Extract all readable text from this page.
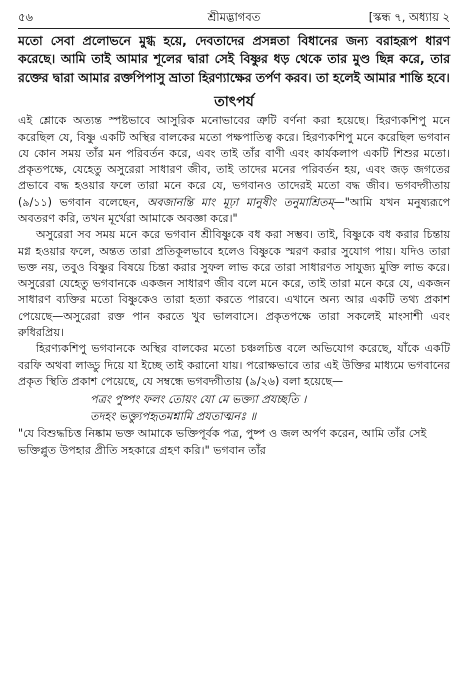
৫৬	শ্রীমদ্ভাগবত	[স্কন্ধ ৭, অধ্যায় ২

মতো সেবা প্রলোভনে মুগ্ধ হয়ে, দেবতাদের প্রসন্নতা বিধানের জন্য বরাহরূপ ধারণ করেছে। আমি তাই আমার শূলের দ্বারা সেই বিষ্ণুর ধড় থেকে তার মুণ্ড ছিন্ন করে, তার রক্তের দ্বারা আমার রক্তপিপাসু ভ্রাতা হিরণ্যাক্ষের তর্পণ করব। তা হলেই আমার শান্তি হবে।

তাৎপর্য

এই শ্লোকে অত্যন্ত স্পষ্টভাবে আসুরিক মনোভাবের ত্রুটি বর্ণনা করা হয়েছে। হিরণ্যকশিপু মনে করেছিল যে, বিষ্ণু একটি অস্থির বালকের মতো পক্ষপাতিত্ব করে। হিরণ্যকশিপু মনে করেছিল ভগবান যে কোন সময় তাঁর মন পরিবর্তন করে, এবং তাই তাঁর বাণী এবং কার্যকলাপ একটি শিশুর মতো। প্রকৃতপক্ষে, যেহেতু অসুরেরা সাধারণ জীব, তাই তাদের মনের পরিবর্তন হয়, এবং জড় জগতের প্রভাবে বদ্ধ হওয়ার ফলে তারা মনে করে যে, ভগবানও তাদেরই মতো বদ্ধ জীব। ভগবদ্গীতায় (৯/১১) ভগবান বলেছেন, অবজানন্তি মাং মূঢ়া মানুষীং তনুমাশ্রিতম্—"আমি যখন মনুষ্যরূপে অবতরণ করি, তখন মূর্খেরা আমাকে অবজ্ঞা করে।"

অসুরেরা সব সময় মনে করে ভগবান শ্রীবিষ্ণুকে বধ করা সম্ভব। তাই, বিষ্ণুকে বধ করার চিন্তায় মগ্ন হওয়ার ফলে, অন্তত তারা প্রতিকূলভাবে হলেও বিষ্ণুকে স্মরণ করার সুযোগ পায়। যদিও তারা ভক্ত নয়, তবুও বিষ্ণুর বিষয়ে চিন্তা করার সুফল লাভ করে তারা সাধারণত সাযুজ্য মুক্তি লাভ করে। অসুরেরা যেহেতু ভগবানকে একজন সাধারণ জীব বলে মনে করে, তাই তারা মনে করে যে, একজন সাধারণ ব্যক্তির মতো বিষ্ণুকেও তারা হত্যা করতে পারবে। এখানে অন্য আর একটি তথ্য প্রকাশ পেয়েছে—অসুরেরা রক্ত পান করতে খুব ভালবাসে। প্রকৃতপক্ষে তারা সকলেই মাংসাশী এবং রুধিরপ্রিয়।

হিরণ্যকশিপু ভগবানকে অস্থির বালকের মতো চঞ্চলচিত্ত বলে অভিযোগ করেছে, যাঁকে একটি বরফি অথবা লাড্ডু দিয়ে যা ইচ্ছে তাই করানো যায়। পরোক্ষভাবে তার এই উক্তির মাধ্যমে ভগবানের প্রকৃত স্থিতি প্রকাশ পেয়েছে, যে সম্বন্ধে ভগবদ্গীতায় (৯/২৬) বলা হয়েছে—

পত্রং পুষ্পং ফলং তোয়ং যো মে ভক্ত্যা প্রযচ্ছতি ।
তদহং ভক্ত্যুপহৃতমশ্নামি প্রযতাত্মনঃ ॥

"যে বিশুদ্ধচিত্ত নিষ্কাম ভক্ত আমাকে ভক্তিপূর্বক পত্র, পুষ্প ও জল অর্পণ করেন, আমি তাঁর সেই ভক্তিপ্লুত উপহার প্রীতি সহকারে গ্রহণ করি।" ভগবান তাঁর
